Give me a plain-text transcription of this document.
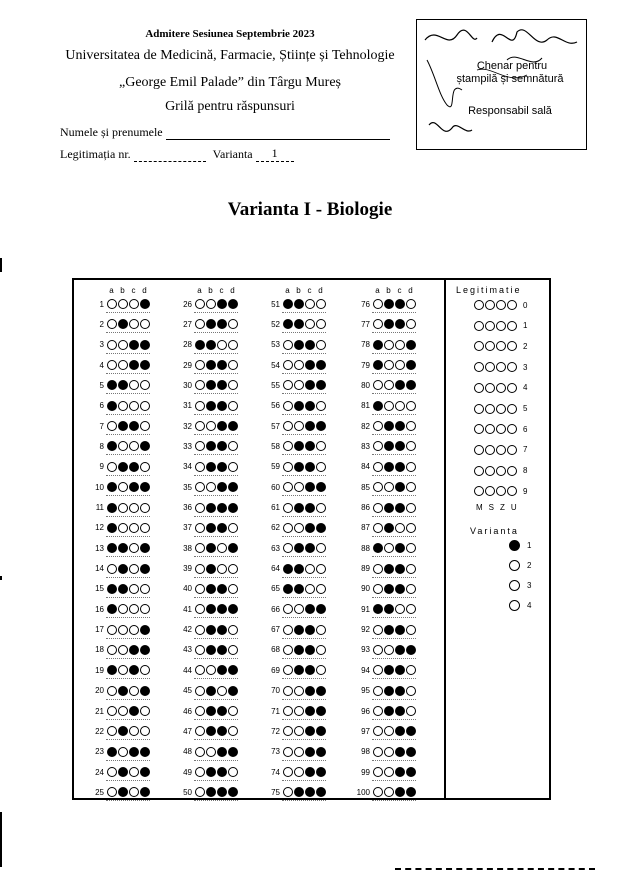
Admitere Sesiunea Septembrie 2023
Universitatea de Medicină, Farmacie, Științe și Tehnologie
„George Emil Palade” din Târgu Mureș
Grilă pentru răspunsuri
Numele și prenumele
Legitimația nr.	Varianta 1
Chenar pentru
ștampilă și semnătură
Responsabil sală
Varianta I - Biologie
a b c d
1
2
3
4
5
6
7
8
9
10
11
12
13
14
15
16
17
18
19
20
21
22
23
24
25
a b c d
26
27
28
29
30
31
32
33
34
35
36
37
38
39
40
41
42
43
44
45
46
47
48
49
50
a b c d
51
52
53
54
55
56
57
58
59
60
61
62
63
64
65
66
67
68
69
70
71
72
73
74
75
a b c d
76
77
78
79
80
81
82
83
84
85
86
87
88
89
90
91
92
93
94
95
96
97
98
99
100
Legitimatie
0
1
2
3
4
5
6
7
8
9
MSZU
Varianta
1
2
3
4
